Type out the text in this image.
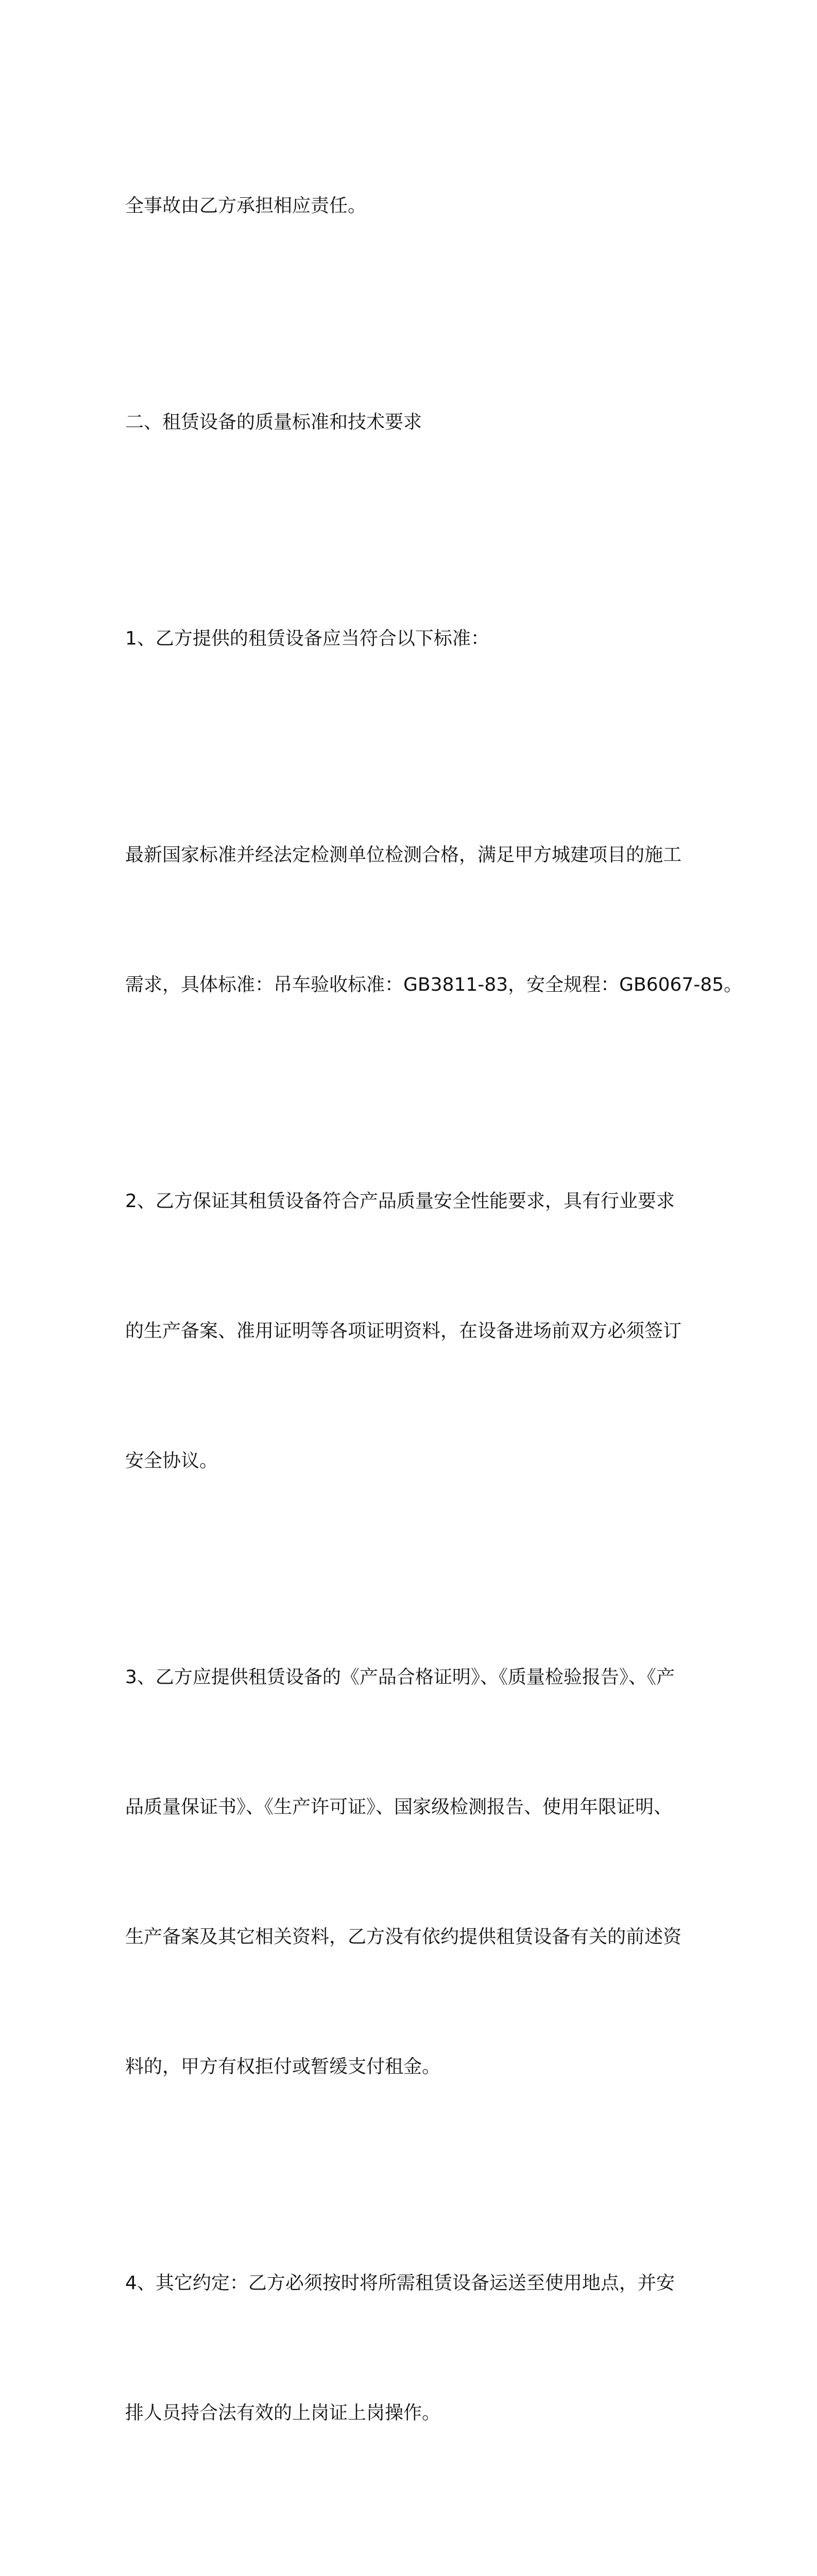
全事故由乙方承担相应责任。

二、租赁设备的质量标准和技术要求

1、乙方提供的租赁设备应当符合以下标准：

最新国家标准并经法定检测单位检测合格，满足甲方城建项目的施工

需求，具体标准：吊车验收标准：GB3811-83，安全规程：GB6067-85。

2、乙方保证其租赁设备符合产品质量安全性能要求，具有行业要求

的生产备案、准用证明等各项证明资料，在设备进场前双方必须签订

安全协议。

3、乙方应提供租赁设备的《产品合格证明》、《质量检验报告》、《产

品质量保证书》、《生产许可证》、国家级检测报告、使用年限证明、

生产备案及其它相关资料，乙方没有依约提供租赁设备有关的前述资

料的，甲方有权拒付或暂缓支付租金。

4、其它约定：乙方必须按时将所需租赁设备运送至使用地点，并安

排人员持合法有效的上岗证上岗操作。
